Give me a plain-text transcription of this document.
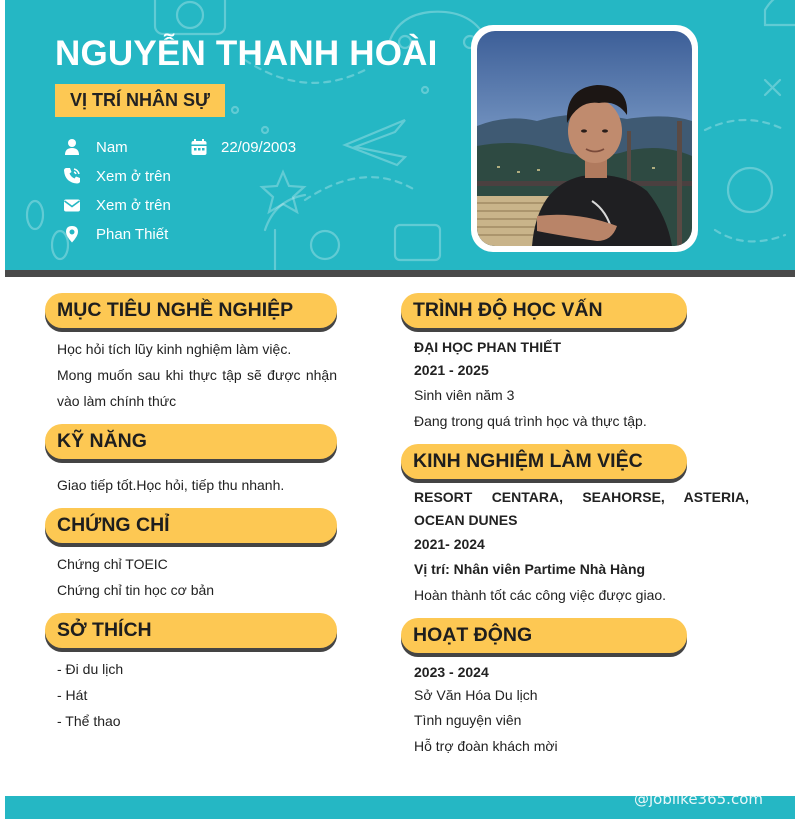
NGUYỄN THANH HOÀI
VỊ TRÍ NHÂN SỰ
Nam	22/09/2003
Xem ở trên
Xem ở trên
Phan Thiết
MỤC TIÊU NGHỀ NGHIỆP
Học hỏi tích lũy kinh nghiệm làm việc.
Mong muốn sau khi thực tập sẽ được nhận vào làm chính thức
KỸ NĂNG
Giao tiếp tốt.Học hỏi, tiếp thu nhanh.
CHỨNG CHỈ
Chứng chỉ TOEIC
Chứng chỉ tin học cơ bản
SỞ THÍCH
- Đi du lịch
- Hát
- Thể thao
TRÌNH ĐỘ HỌC VẤN
ĐẠI HỌC PHAN THIẾT
2021 - 2025
Sinh viên năm 3
Đang trong quá trình học và thực tập.
KINH NGHIỆM LÀM VIỆC
RESORT CENTARA, SEAHORSE, ASTERIA, OCEAN DUNES
2021- 2024
Vị trí: Nhân viên Partime Nhà Hàng
Hoàn thành tốt các công việc được giao.
HOẠT ĐỘNG
2023 - 2024
Sở Văn Hóa Du lịch
Tình nguyện viên
Hỗ trợ đoàn khách mời
@joblike365.com
